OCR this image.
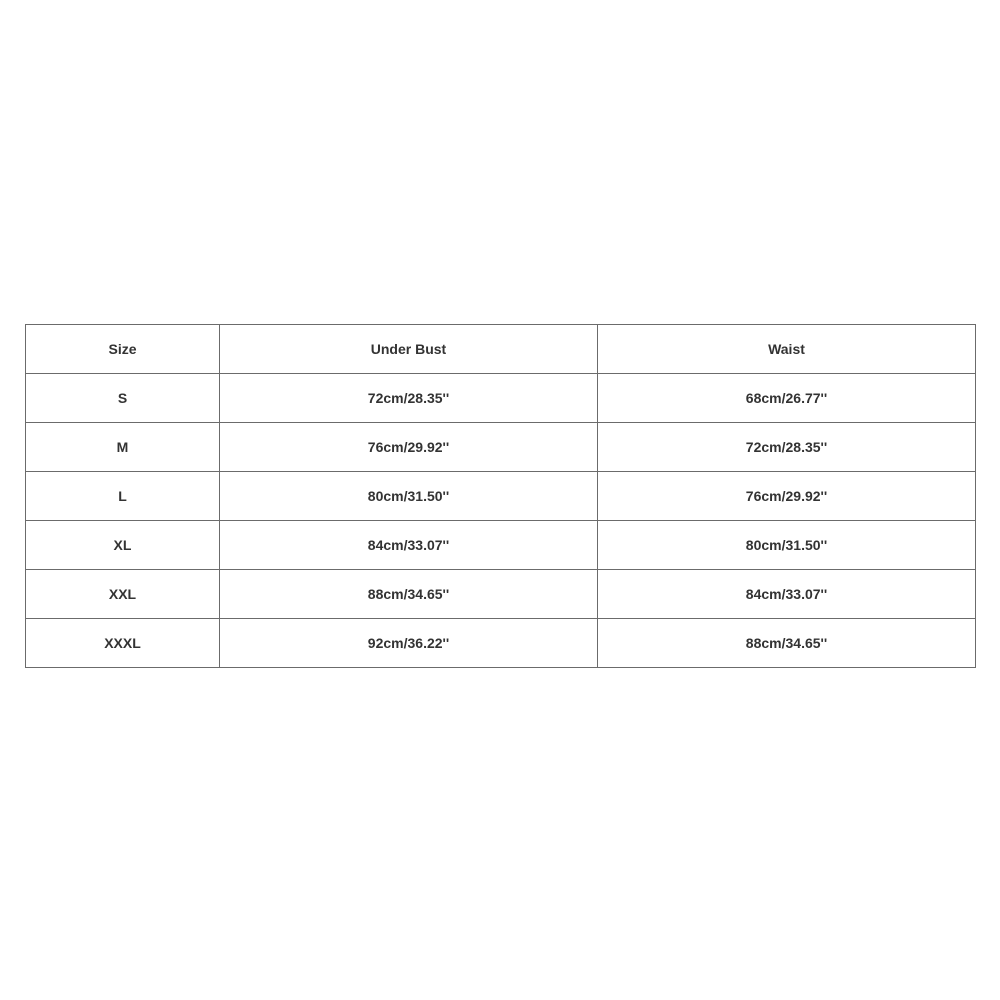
Size	Under Bust	Waist
S	72cm/28.35''	68cm/26.77''
M	76cm/29.92''	72cm/28.35''
L	80cm/31.50''	76cm/29.92''
XL	84cm/33.07''	80cm/31.50''
XXL	88cm/34.65''	84cm/33.07''
XXXL	92cm/36.22''	88cm/34.65''
